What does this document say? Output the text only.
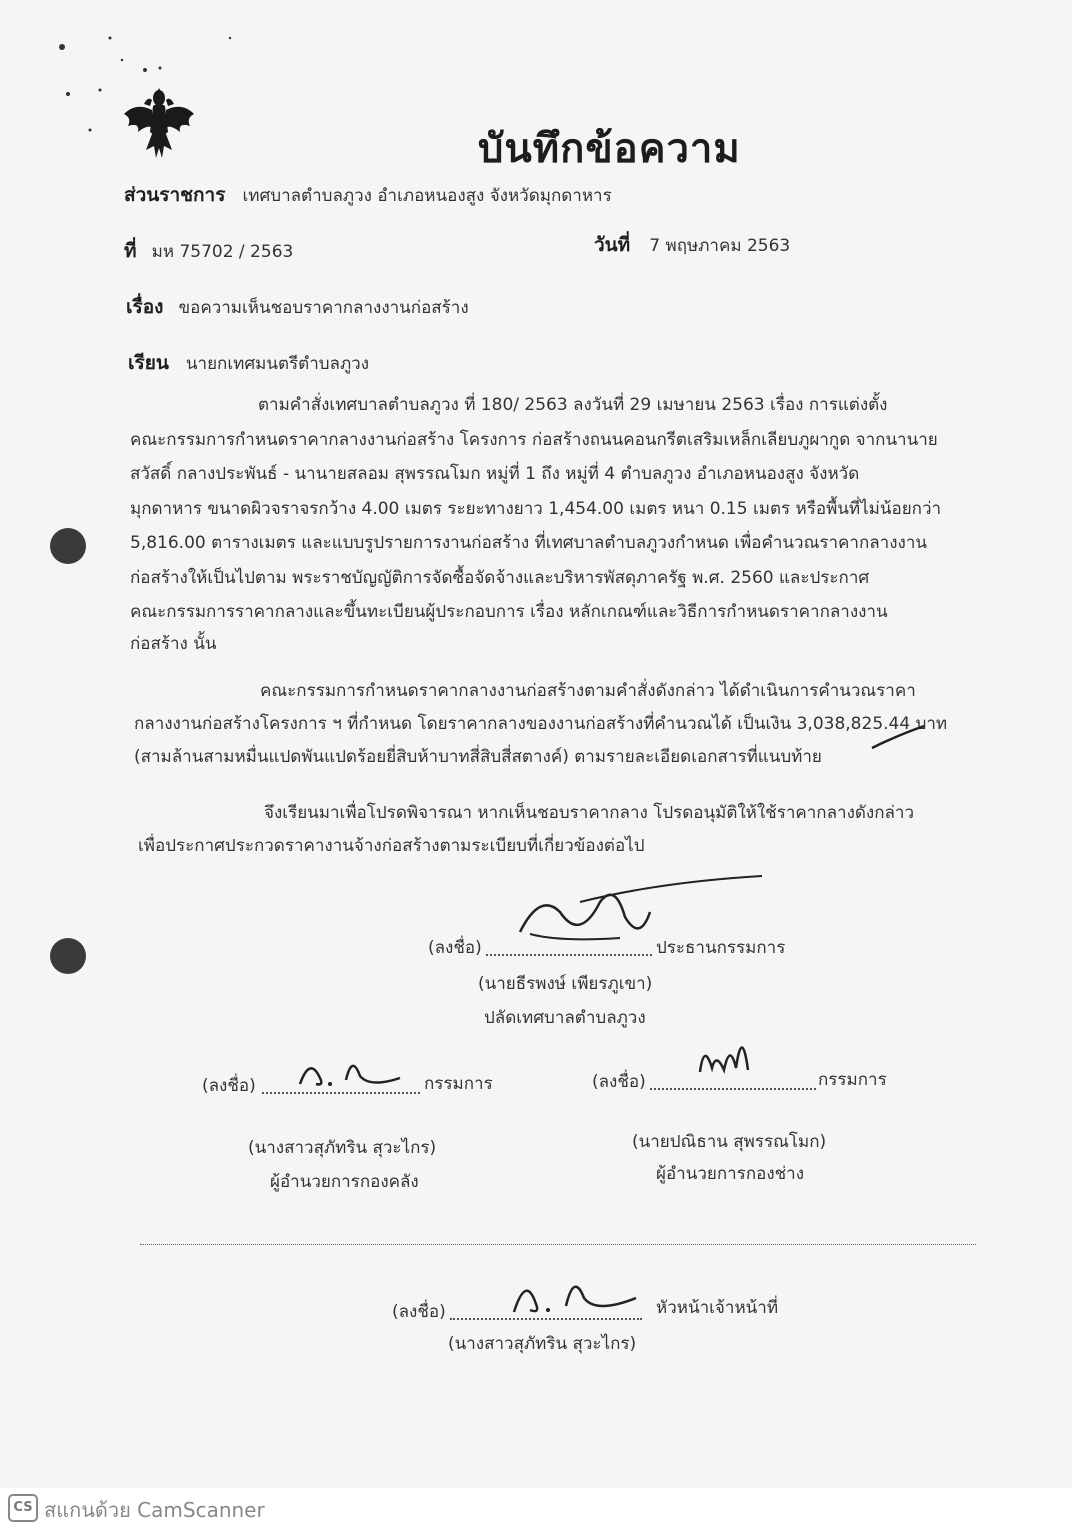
บันทึกข้อความ
ส่วนราชการ เทศบาลตำบลภูวง อำเภอหนองสูง จังหวัดมุกดาหาร
ที่ มห 75702 / 2563	วันที่ 7 พฤษภาคม 2563
เรื่อง ขอความเห็นชอบราคากลางงานก่อสร้าง
เรียน นายกเทศมนตรีตำบลภูวง
ตามคำสั่งเทศบาลตำบลภูวง ที่ 180/ 2563 ลงวันที่ 29 เมษายน 2563 เรื่อง การแต่งตั้ง
คณะกรรมการกำหนดราคากลางงานก่อสร้าง โครงการ ก่อสร้างถนนคอนกรีตเสริมเหล็กเลียบภูผากูด จากนานาย
สวัสดิ์ กลางประพันธ์ - นานายสลอม สุพรรณโมก หมู่ที่ 1 ถึง หมู่ที่ 4 ตำบลภูวง อำเภอหนองสูง จังหวัด
มุกดาหาร ขนาดผิวจราจรกว้าง 4.00 เมตร ระยะทางยาว 1,454.00 เมตร หนา 0.15 เมตร หรือพื้นที่ไม่น้อยกว่า
5,816.00 ตารางเมตร และแบบรูปรายการงานก่อสร้าง ที่เทศบาลตำบลภูวงกำหนด เพื่อคำนวณราคากลางงาน
ก่อสร้างให้เป็นไปตาม พระราชบัญญัติการจัดซื้อจัดจ้างและบริหารพัสดุภาครัฐ พ.ศ. 2560 และประกาศ
คณะกรรมการราคากลางและขึ้นทะเบียนผู้ประกอบการ เรื่อง หลักเกณฑ์และวิธีการกำหนดราคากลางงาน
ก่อสร้าง นั้น
คณะกรรมการกำหนดราคากลางงานก่อสร้างตามคำสั่งดังกล่าว ได้ดำเนินการคำนวณราคา
กลางงานก่อสร้างโครงการ ฯ ที่กำหนด โดยราคากลางของงานก่อสร้างที่คำนวณได้ เป็นเงิน 3,038,825.44 บาท
(สามล้านสามหมื่นแปดพันแปดร้อยยี่สิบห้าบาทสี่สิบสี่สตางค์) ตามรายละเอียดเอกสารที่แนบท้าย
จึงเรียนมาเพื่อโปรดพิจารณา หากเห็นชอบราคากลาง โปรดอนุมัติให้ใช้ราคากลางดังกล่าว
เพื่อประกาศประกวดราคางานจ้างก่อสร้างตามระเบียบที่เกี่ยวข้องต่อไป
(ลงชื่อ)	ประธานกรรมการ
(นายธีรพงษ์ เพียรภูเขา)
ปลัดเทศบาลตำบลภูวง
(ลงชื่อ)	กรรมการ
(นางสาวสุภัทริน สุวะไกร)
ผู้อำนวยการกองคลัง
(ลงชื่อ)	กรรมการ
(นายปณิธาน สุพรรณโมก)
ผู้อำนวยการกองช่าง
(ลงชื่อ)	หัวหน้าเจ้าหน้าที่
(นางสาวสุภัทริน สุวะไกร)
CS สแกนด้วย CamScanner
